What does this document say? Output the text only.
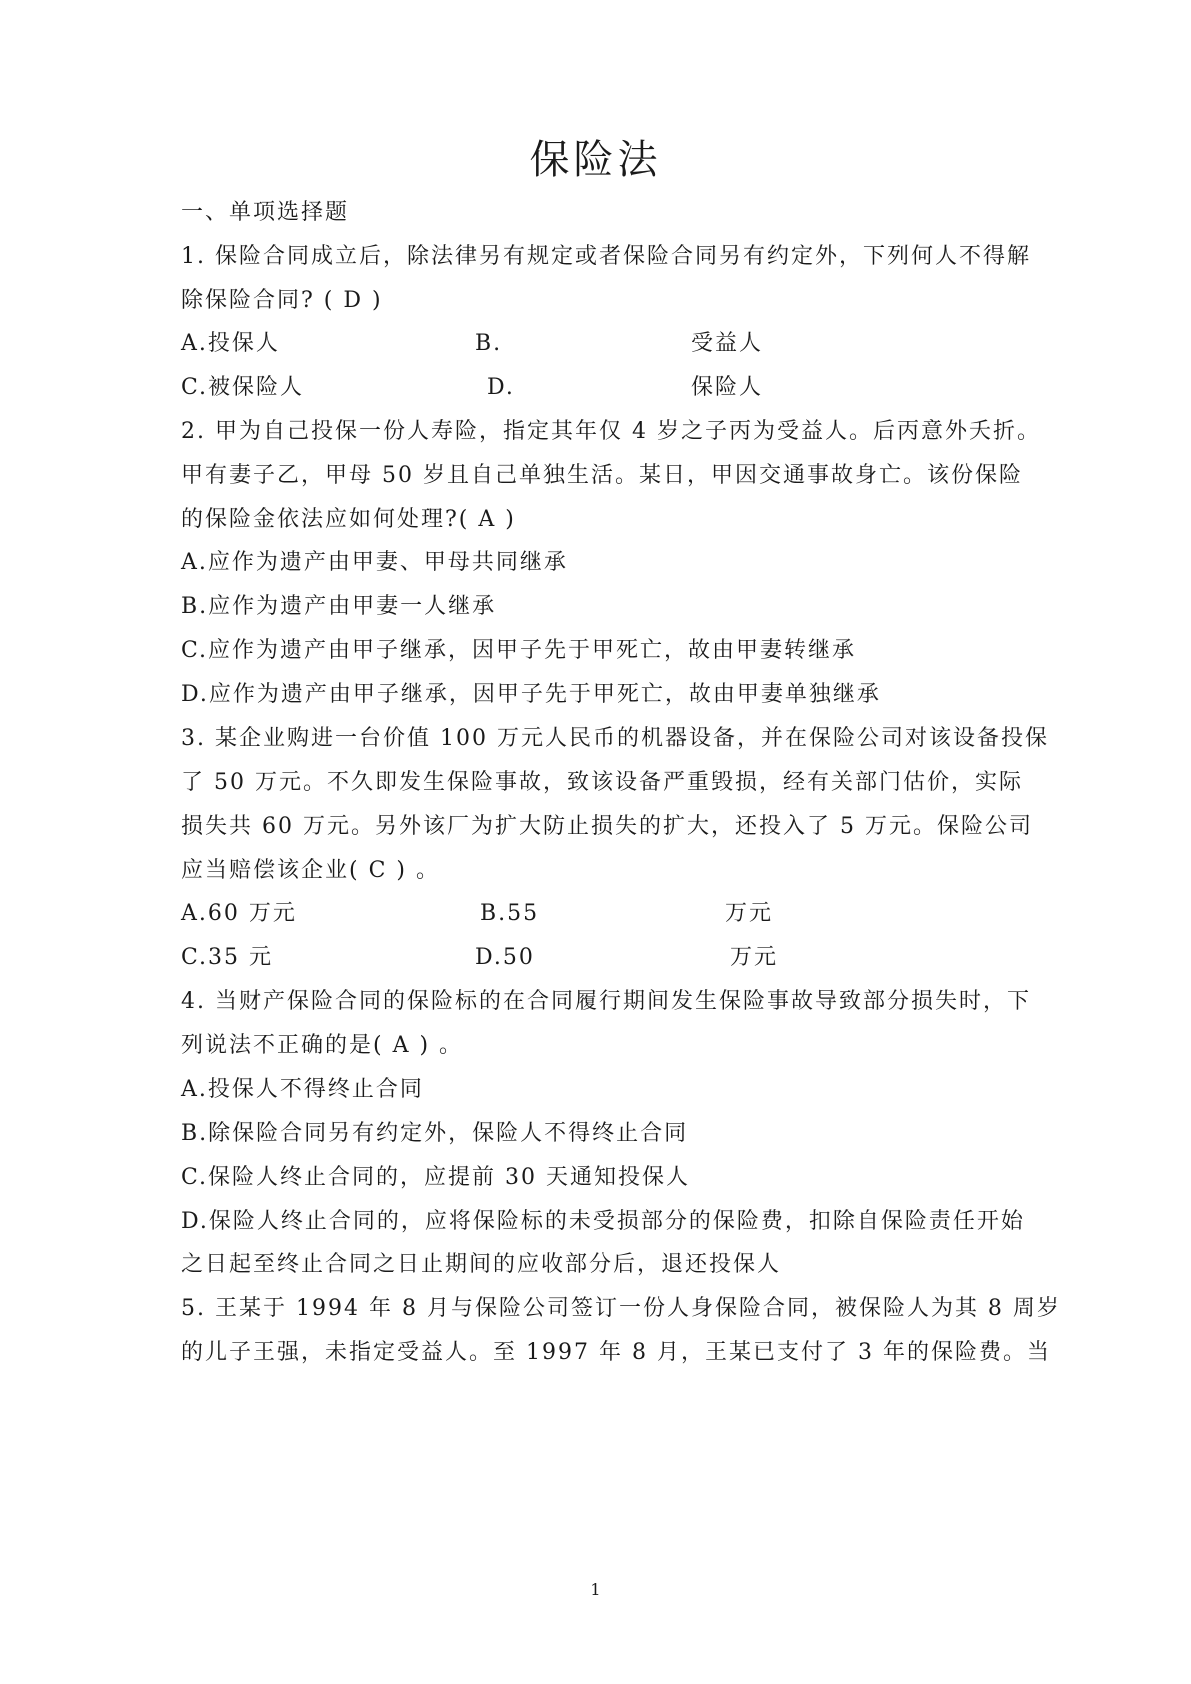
保险法

一、单项选择题

1. 保险合同成立后，除法律另有规定或者保险合同另有约定外，下列何人不得解

除保险合同? ( D )

A.投保人	B.	受益人
C.被保险人	D.	保险人

2. 甲为自己投保一份人寿险，指定其年仅 4 岁之子丙为受益人。后丙意外夭折。

甲有妻子乙，甲母 50 岁且自己单独生活。某日，甲因交通事故身亡。该份保险

的保险金依法应如何处理?( A )

A.应作为遗产由甲妻、甲母共同继承

B.应作为遗产由甲妻一人继承

C.应作为遗产由甲子继承，因甲子先于甲死亡，故由甲妻转继承

D.应作为遗产由甲子继承，因甲子先于甲死亡，故由甲妻单独继承

3. 某企业购进一台价值 100 万元人民币的机器设备，并在保险公司对该设备投保

了 50 万元。不久即发生保险事故，致该设备严重毁损，经有关部门估价，实际

损失共 60 万元。另外该厂为扩大防止损失的扩大，还投入了 5 万元。保险公司

应当赔偿该企业( C ) 。

A.60 万元	B.55	万元
C.35 元	D.50	万元

4. 当财产保险合同的保险标的在合同履行期间发生保险事故导致部分损失时，下

列说法不正确的是( A ) 。

A.投保人不得终止合同

B.除保险合同另有约定外，保险人不得终止合同

C.保险人终止合同的，应提前 30 天通知投保人

D.保险人终止合同的，应将保险标的未受损部分的保险费，扣除自保险责任开始

之日起至终止合同之日止期间的应收部分后，退还投保人

5. 王某于 1994 年 8 月与保险公司签订一份人身保险合同，被保险人为其 8 周岁

的儿子王强，未指定受益人。至 1997 年 8 月，王某已支付了 3 年的保险费。当

1
